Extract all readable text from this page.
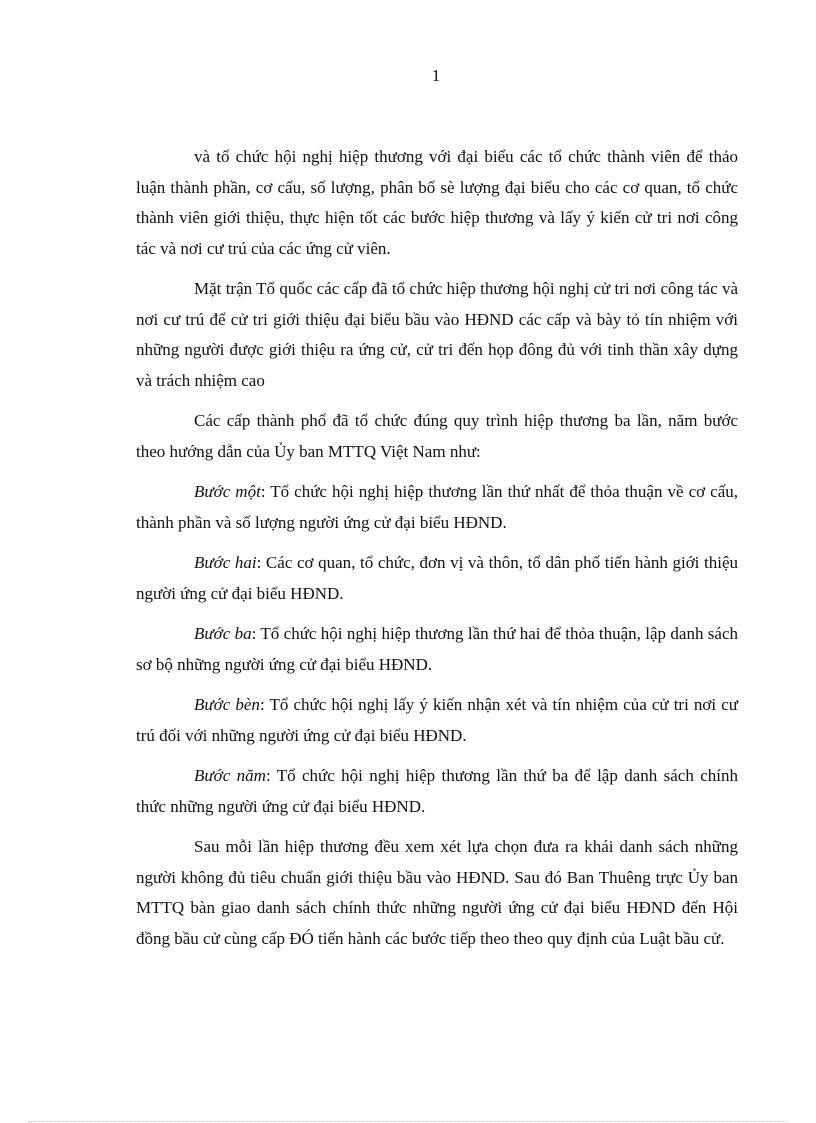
1

và tổ chức hội nghị hiệp thương với đại biểu các tổ chức thành viên để thảo luận thành phần, cơ cấu, số lượng, phân bổ sè lượng đại biểu cho các cơ quan, tổ chức thành viên giới thiệu, thực hiện tốt các bước hiệp thương và lấy ý kiến cử tri nơi công tác và nơi cư trú của các ứng cử viên.

Mặt trận Tổ quốc các cấp đã tổ chức hiệp thương hội nghị cử tri nơi công tác và nơi cư trú để cử tri giới thiệu đại biểu bầu vào HĐND các cấp và bày tỏ tín nhiệm với những người được giới thiệu ra ứng cử, cử tri đến họp đông đủ với tinh thần xây dựng và trách nhiệm cao

Các cấp thành phố đã tổ chức đúng quy trình hiệp thương ba lần, năm bước theo hướng dẫn của Ủy ban MTTQ Việt Nam như:

Bước một: Tổ chức hội nghị hiệp thương lần thứ nhất để thỏa thuận về cơ cấu, thành phần và số lượng người ứng cử đại biểu HĐND.

Bước hai: Các cơ quan, tổ chức, đơn vị và thôn, tổ dân phố tiến hành giới thiệu người ứng cử đại biểu HĐND.

Bước ba: Tổ chức hội nghị hiệp thương lần thứ hai để thỏa thuận, lập danh sách sơ bộ những người ứng cử đại biểu HĐND.

Bước bèn: Tổ chức hội nghị lấy ý kiến nhận xét và tín nhiệm của cử tri nơi cư trú đối với những người ứng cử đại biểu HĐND.

Bước năm: Tổ chức hội nghị hiệp thương lần thứ ba để lập danh sách chính thức những người ứng cử đại biểu HĐND.

Sau mỗi lần hiệp thương đều xem xét lựa chọn đưa ra khái danh sách những người không đủ tiêu chuẩn giới thiệu bầu vào HĐND. Sau đó Ban Thuêng trực Ủy ban MTTQ bàn giao danh sách chính thức những người ứng cử đại biểu HĐND đến Hội đồng bầu cử cùng cấp ĐÓ tiến hành các bước tiếp theo theo quy định của Luật bầu cử.
